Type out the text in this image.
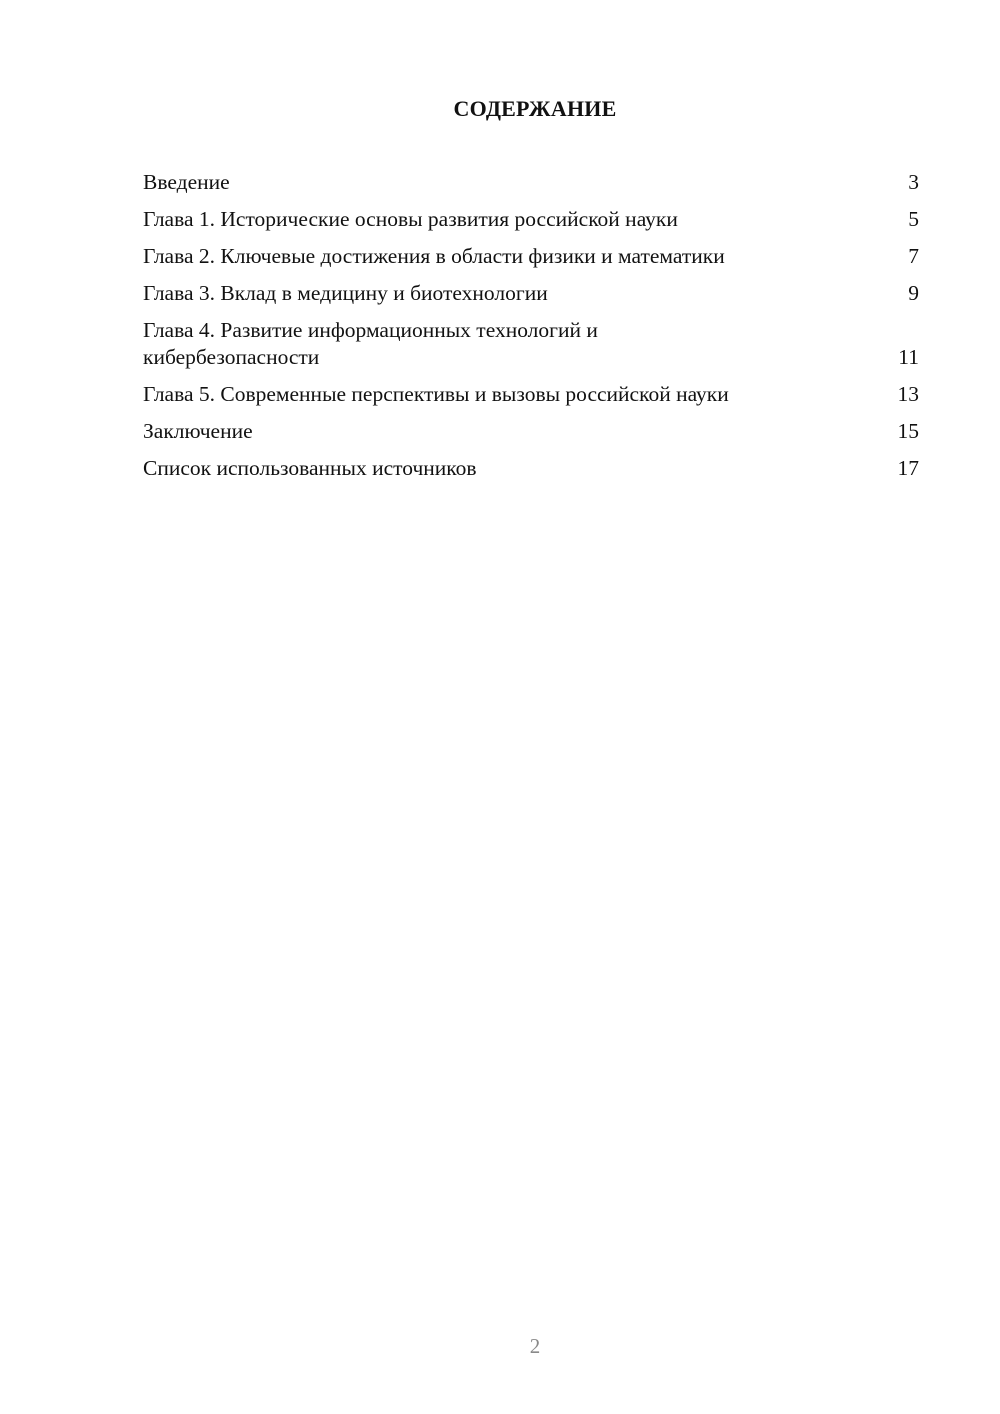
СОДЕРЖАНИЕ
Введение	3
Глава 1. Исторические основы развития российской науки	5
Глава 2. Ключевые достижения в области физики и математики	7
Глава 3. Вклад в медицину и биотехнологии	9
Глава 4. Развитие информационных технологий и кибербезопасности	11
Глава 5. Современные перспективы и вызовы российской науки	13
Заключение	15
Список использованных источников	17
2
